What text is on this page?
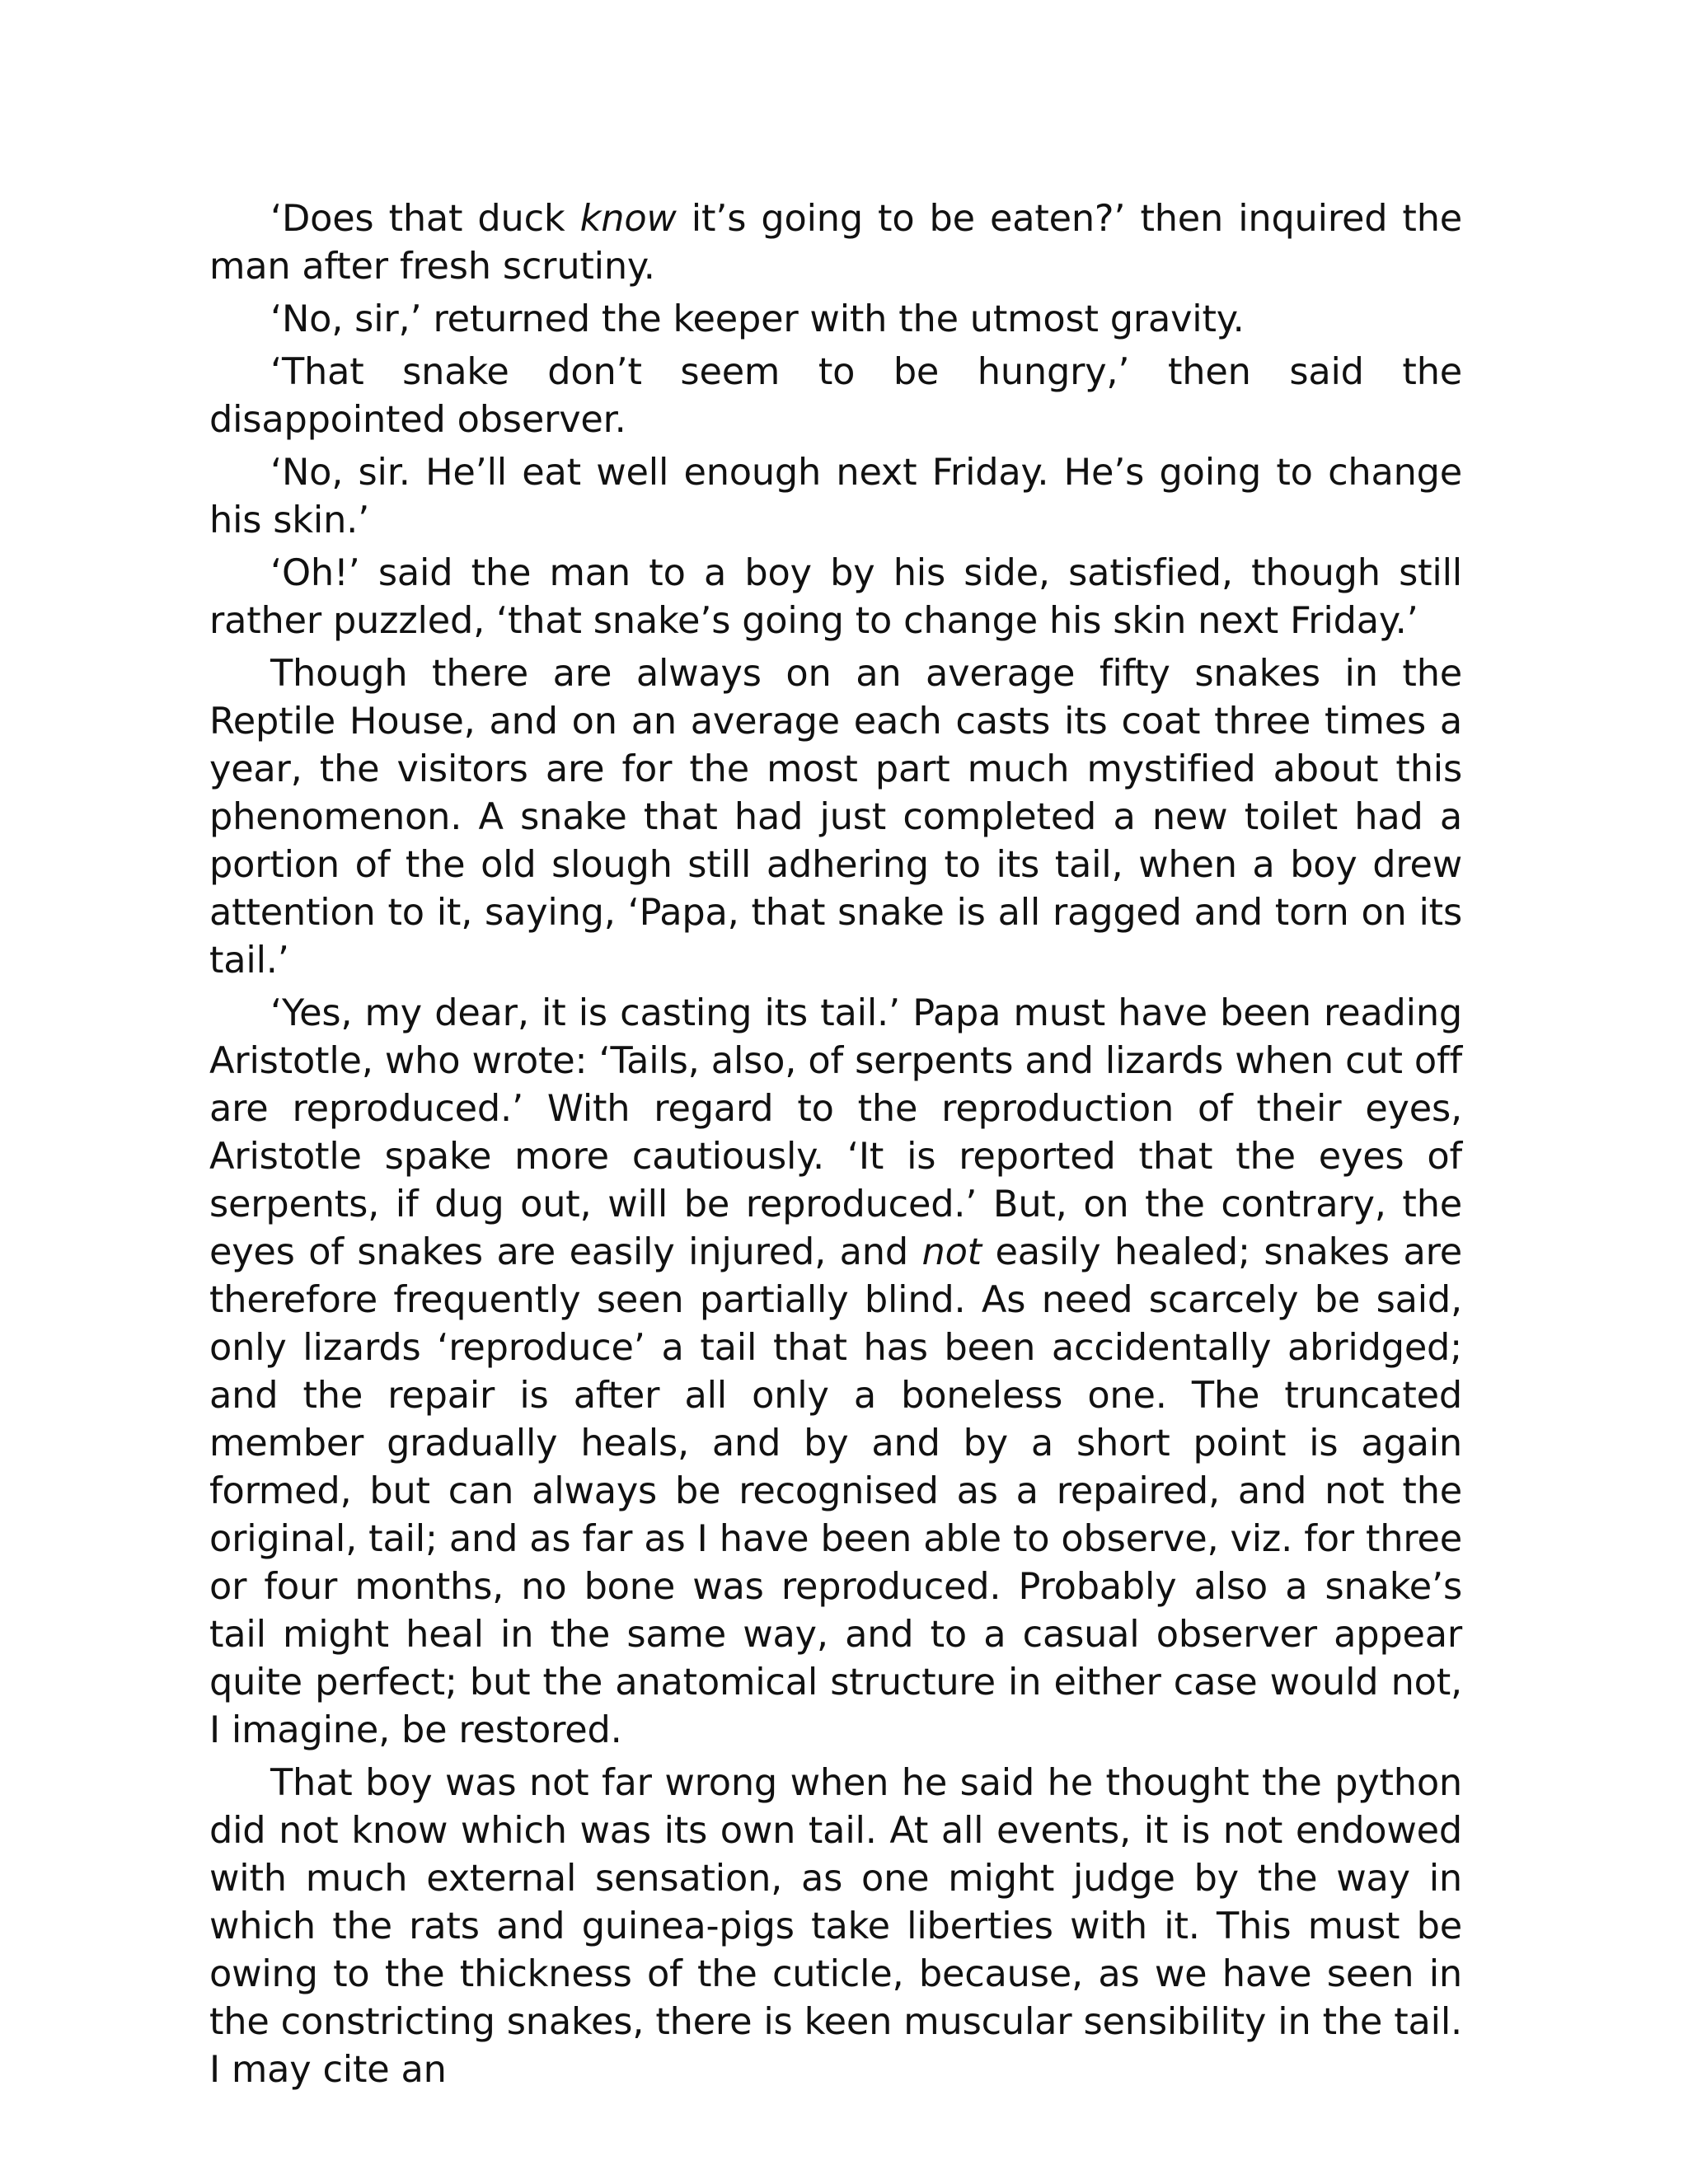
‘Does that duck know it’s going to be eaten?’ then inquired the man after fresh scrutiny.

‘No, sir,’ returned the keeper with the utmost gravity.

‘That snake don’t seem to be hungry,’ then said the disappointed observer.

‘No, sir. He’ll eat well enough next Friday. He’s going to change his skin.’

‘Oh!’ said the man to a boy by his side, satisfied, though still rather puzzled, ‘that snake’s going to change his skin next Friday.’

Though there are always on an average fifty snakes in the Reptile House, and on an average each casts its coat three times a year, the visitors are for the most part much mystified about this phenomenon. A snake that had just completed a new toilet had a portion of the old slough still adhering to its tail, when a boy drew attention to it, saying, ‘Papa, that snake is all ragged and torn on its tail.’

‘Yes, my dear, it is casting its tail.’ Papa must have been reading Aristotle, who wrote: ‘Tails, also, of serpents and lizards when cut off are reproduced.’ With regard to the reproduction of their eyes, Aristotle spake more cautiously. ‘It is reported that the eyes of serpents, if dug out, will be reproduced.’ But, on the contrary, the eyes of snakes are easily injured, and not easily healed; snakes are therefore frequently seen partially blind. As need scarcely be said, only lizards ‘reproduce’ a tail that has been accidentally abridged; and the repair is after all only a boneless one. The truncated member gradually heals, and by and by a short point is again formed, but can always be recognised as a repaired, and not the original, tail; and as far as I have been able to observe, viz. for three or four months, no bone was reproduced. Probably also a snake’s tail might heal in the same way, and to a casual observer appear quite perfect; but the anatomical structure in either case would not, I imagine, be restored.

That boy was not far wrong when he said he thought the python did not know which was its own tail. At all events, it is not endowed with much external sensation, as one might judge by the way in which the rats and guinea-pigs take liberties with it. This must be owing to the thickness of the cuticle, because, as we have seen in the constricting snakes, there is keen muscular sensibility in the tail. I may cite an
